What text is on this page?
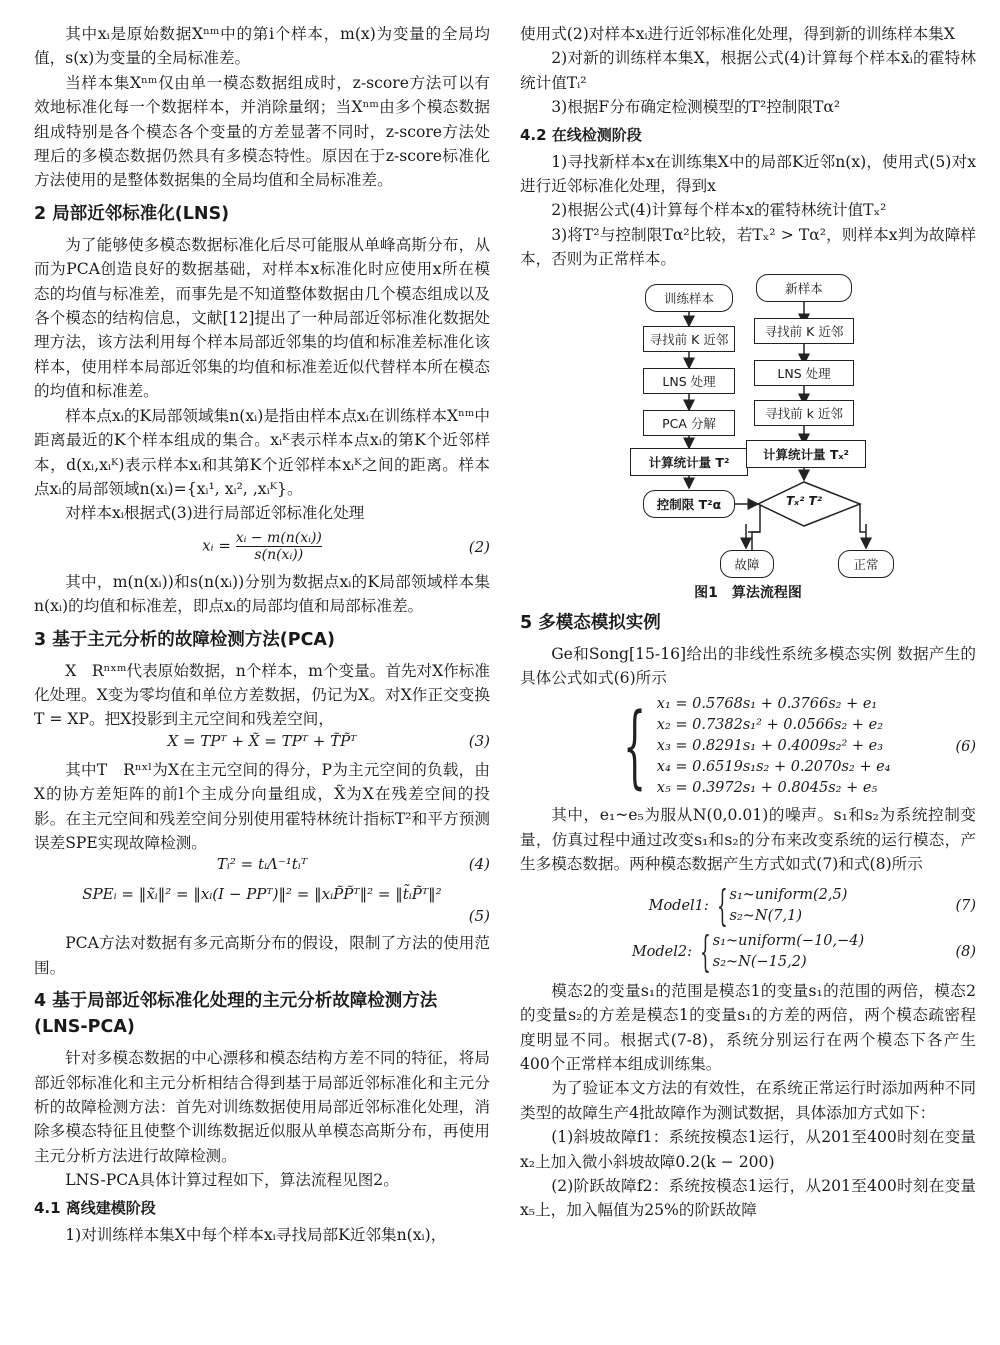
其中xᵢ是原始数据Xⁿᵐ中的第i个样本，m(x)为变量的全局均值，s(x)为变量的全局标准差。

当样本集Xⁿᵐ仅由单一模态数据组成时，z-score方法可以有效地标准化每一个数据样本，并消除量纲；当Xⁿᵐ由多个模态数据组成特别是各个模态各个变量的方差显著不同时，z-score方法处理后的多模态数据仍然具有多模态特性。原因在于z-score标准化方法使用的是整体数据集的全局均值和全局标准差。

2 局部近邻标准化(LNS)

为了能够使多模态数据标准化后尽可能服从单峰高斯分布，从而为PCA创造良好的数据基础，对样本x标准化时应使用x所在模态的均值与标准差，而事先是不知道整体数据由几个模态组成以及各个模态的结构信息，文献[12]提出了一种局部近邻标准化数据处理方法，该方法利用每个样本局部近邻集的均值和标准差标准化该样本，使用样本局部近邻集的均值和标准差近似代替样本所在模态的均值和标准差。

样本点xᵢ的K局部领域集n(xᵢ)是指由样本点xᵢ在训练样本Xⁿᵐ中距离最近的K个样本组成的集合。xᵢᴷ表示样本点xᵢ的第K个近邻样本，d(xᵢ,xᵢᴷ)表示样本xᵢ和其第K个近邻样本xᵢᴷ之间的距离。样本点xᵢ的局部领域n(xᵢ)={xᵢ¹, xᵢ², ,xᵢᴷ}。

对样本xᵢ根据式(3)进行局部近邻标准化处理

xᵢ = $\frac{\text{xᵢ − m(n(xᵢ))}}{\text{s(n(xᵢ))}}$	(2)

其中，m(n(xᵢ))和s(n(xᵢ))分别为数据点xᵢ的K局部领域样本集n(xᵢ)的均值和标准差，即点xᵢ的局部均值和局部标准差。

3 基于主元分析的故障检测方法(PCA)

X　Rⁿˣᵐ代表原始数据，n个样本，m个变量。首先对X作标准化处理。X变为零均值和单位方差数据，仍记为X。对X作正交变换T = XP。把X投影到主元空间和残差空间，

X = TPᵀ + X̃ = TPᵀ + T̃P̃ᵀ	(3)

其中T　Rⁿˣˡ为X在主元空间的得分，P为主元空间的负载，由X的协方差矩阵的前l个主成分向量组成，X̃为X在残差空间的投影。在主元空间和残差空间分别使用霍特林统计指标T²和平方预测误差SPE实现故障检测。

Tᵢ² = tᵢΛ⁻¹tᵢᵀ	(4)
SPEᵢ = ‖x̃ᵢ‖² = ‖xᵢ(I − PPᵀ)‖² = ‖xᵢP̃P̃ᵀ‖² = ‖t̃ᵢP̃ᵀ‖²
(5)

PCA方法对数据有多元高斯分布的假设，限制了方法的使用范围。

4 基于局部近邻标准化处理的主元分析故障检测方法(LNS-PCA)

针对多模态数据的中心漂移和模态结构方差不同的特征，将局部近邻标准化和主元分析相结合得到基于局部近邻标准化和主元分析的故障检测方法：首先对训练数据使用局部近邻标准化处理，消除多模态特征且使整个训练数据近似服从单模态高斯分布，再使用主元分析方法进行故障检测。

LNS-PCA具体计算过程如下，算法流程见图2。

4.1 离线建模阶段

1)对训练样本集X中每个样本xᵢ寻找局部K近邻集n(xᵢ)，

使用式(2)对样本xᵢ进行近邻标准化处理，得到新的训练样本集X

2)对新的训练样本集X，根据公式(4)计算每个样本x̄ᵢ的霍特林统计值Tᵢ²

3)根据F分布确定检测模型的T²控制限Tα²

4.2 在线检测阶段

1)寻找新样本x在训练集X中的局部K近邻n(x)，使用式(5)对x进行近邻标准化处理，得到x

2)根据公式(4)计算每个样本x的霍特林统计值Tₓ²

3)将T²与控制限Tα²比较，若Tₓ² > Tα²，则样本x判为故障样本，否则为正常样本。

训练样本
寻找前 K 近邻
LNS 处理
PCA 分解
计算统计量 T²
控制限 T²α
新样本
寻找前 K 近邻
LNS 处理
寻找前 k 近邻
计算统计量 Tₓ²
Tₓ² T²
故障	正常
图1　算法流程图
5 多模态模拟实例

Ge和Song[15-16]给出的非线性系统多模态实例 数据产生的具体公式如式(6)所示

{ x₁ = 0.5768s₁ + 0.3766s₂ + e₁
x₂ = 0.7382s₁² + 0.0566s₂ + e₂
x₃ = 0.8291s₁ + 0.4009s₂² + e₃
x₄ = 0.6519s₁s₂ + 0.2070s₂ + e₄
x₅ = 0.3972s₁ + 0.8045s₂ + e₅
(6)

其中，e₁~e₅为服从N(0,0.01)的噪声。s₁和s₂为系统控制变量，仿真过程中通过改变s₁和s₂的分布来改变系统的运行模态，产生多模态数据。两种模态数据产生方式如式(7)和式(8)所示

Model1: { s₁~uniform(2,5)
s₂~N(7,1)
(7)
Model2: { s₁~uniform(−10,−4)
s₂~N(−15,2)
(8)

模态2的变量s₁的范围是模态1的变量s₁的范围的两倍，模态2的变量s₂的方差是模态1的变量s₁的方差的两倍，两个模态疏密程度明显不同。根据式(7-8)，系统分别运行在两个模态下各产生400个正常样本组成训练集。

为了验证本文方法的有效性，在系统正常运行时添加两种不同类型的故障生产4批故障作为测试数据，具体添加方式如下：

(1)斜坡故障f1：系统按模态1运行，从201至400时刻在变量x₂上加入微小斜坡故障0.2(k − 200)

(2)阶跃故障f2：系统按模态1运行，从201至400时刻在变量x₅上，加入幅值为25%的阶跃故障
